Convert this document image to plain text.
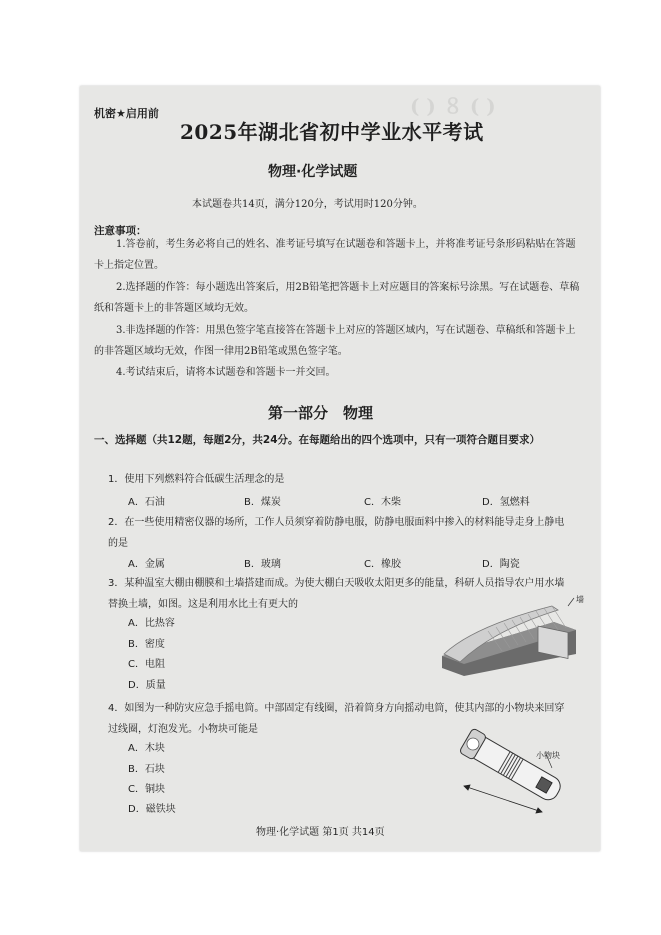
( ) ８ ( )

机密★启用前
2025年湖北省初中学业水平考试
物理·化学试题
本试题卷共14页，满分120分，考试用时120分钟。
注意事项：
1.答卷前，考生务必将自己的姓名、准考证号填写在试题卷和答题卡上，并将准考证号条形码粘贴在答题卡上指定位置。
2.选择题的作答：每小题选出答案后，用2B铅笔把答题卡上对应题目的答案标号涂黑。写在试题卷、草稿纸和答题卡上的非答题区域均无效。
3.非选择题的作答：用黑色签字笔直接答在答题卡上对应的答题区域内，写在试题卷、草稿纸和答题卡上的非答题区域均无效，作图一律用2B铅笔或黑色签字笔。
4.考试结束后，请将本试题卷和答题卡一并交回。
第一部分　物理
一、选择题（共12题，每题2分，共24分。在每题给出的四个选项中，只有一项符合题目要求）
1．使用下列燃料符合低碳生活理念的是
A．石油	B．煤炭	C．木柴	D．氢燃料
2．在一些使用精密仪器的场所，工作人员须穿着防静电服，防静电服面料中掺入的材料能导走身上静电的是
A．金属	B．玻璃	C．橡胶	D．陶瓷
3．某种温室大棚由棚膜和土墙搭建而成。为使大棚白天吸收太阳更多的能量，科研人员指导农户用水墙替换土墙，如图。这是利用水比土有更大的
A．比热容
B．密度
C．电阻
D．质量
墙
4．如图为一种防灾应急手摇电筒。中部固定有线圈，沿着筒身方向摇动电筒，使其内部的小物块来回穿过线圈，灯泡发光。小物块可能是
A．木块
B．石块
C．铜块
D．磁铁块
小物块
物理·化学试题 第1页 共14页
